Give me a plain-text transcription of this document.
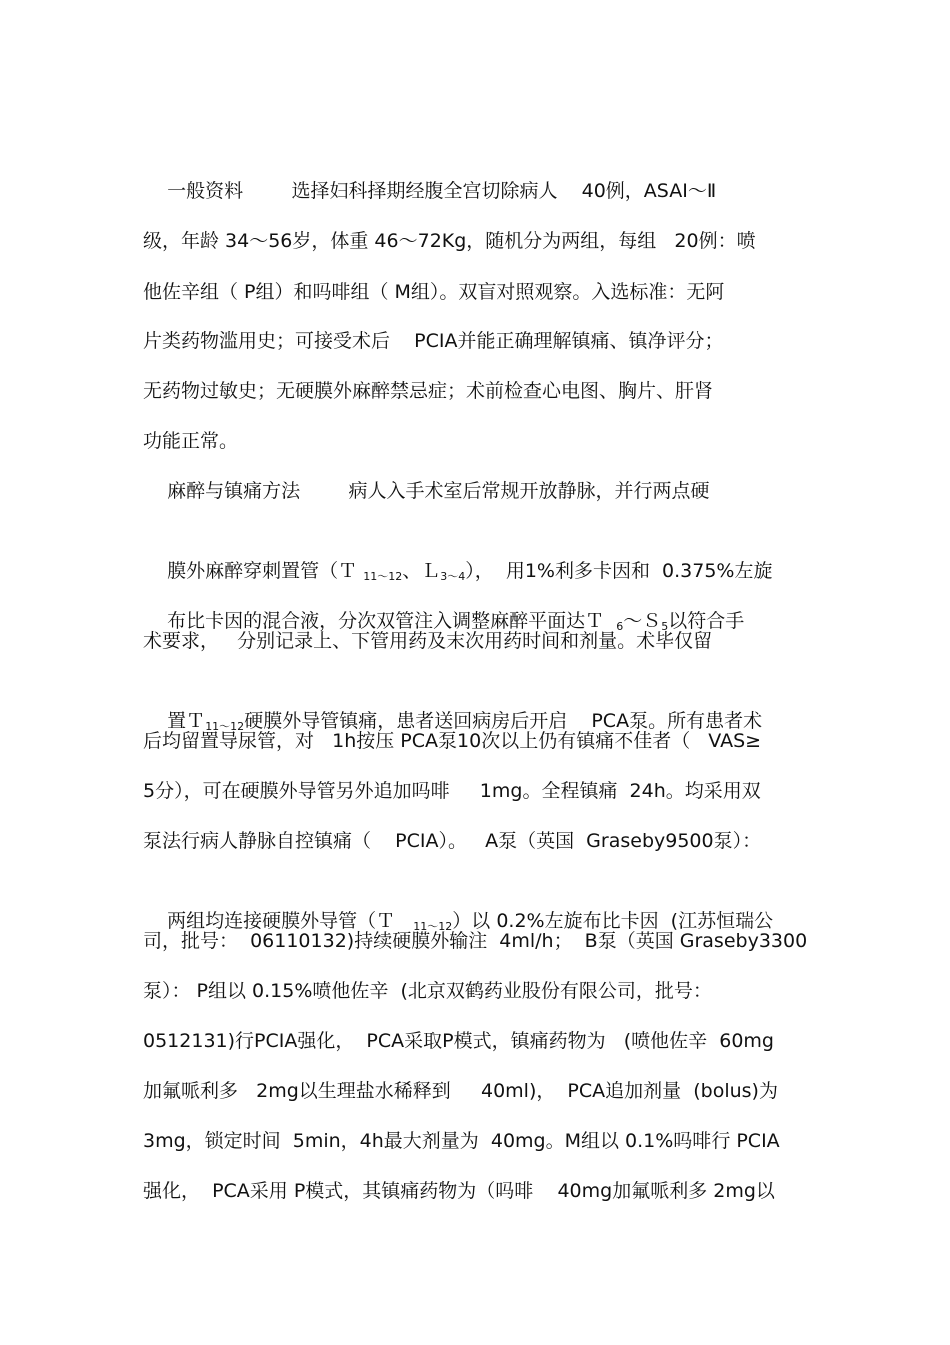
一般资料        选择妇科择期经腹全宫切除病人    40例，ASAⅠ～Ⅱ
级，年龄 34～56岁，体重 46～72Kg，随机分为两组，每组   20例：喷
他佐辛组（ P组）和吗啡组（ M组）。双盲对照观察。入选标准：无阿
片类药物滥用史；可接受术后    PCIA并能正确理解镇痛、镇净评分；
无药物过敏史；无硬膜外麻醉禁忌症；术前检查心电图、胸片、肝肾
功能正常。
麻醉与镇痛方法        病人入手术室后常规开放静脉，并行两点硬

膜外麻醉穿刺置管（Ｔ $_{11\sim 12}$、Ｌ$_{3\sim 4}$），  用1%利多卡因和  0.375%左旋

布比卡因的混合液，分次双管注入调整麻醉平面达Ｔ  $_6$～Ｓ$_5$以符合手

术要求，   分别记录上、下管用药及末次用药时间和剂量。术毕仅留

置Ｔ$_{11\sim 12}$硬膜外导管镇痛，患者送回病房后开启    PCA泵。所有患者术

后均留置导尿管，对   1h按压 PCA泵10次以上仍有镇痛不佳者（   VAS≥
5分），可在硬膜外导管另外追加吗啡     1mg。全程镇痛  24h。均采用双
泵法行病人静脉自控镇痛（    PCIA）。   A泵（英国  Graseby9500泵）：

两组均连接硬膜外导管（Ｔ   $_{11\sim 12}$）以 0.2%左旋布比卡因  (江苏恒瑞公

司，批号：  06110132)持续硬膜外输注  4ml/h；  B泵（英国 Graseby3300
泵）： P组以 0.15%喷他佐辛  (北京双鹤药业股份有限公司，批号：
0512131)行PCIA强化，  PCA采取P模式，镇痛药物为   (喷他佐辛  60mg
加氟哌利多   2mg以生理盐水稀释到     40ml)，  PCA追加剂量  (bolus)为
3mg，锁定时间  5min，4h最大剂量为  40mg。M组以 0.1%吗啡行 PCIA
强化，  PCA采用 P模式，其镇痛药物为（吗啡    40mg加氟哌利多 2mg以
